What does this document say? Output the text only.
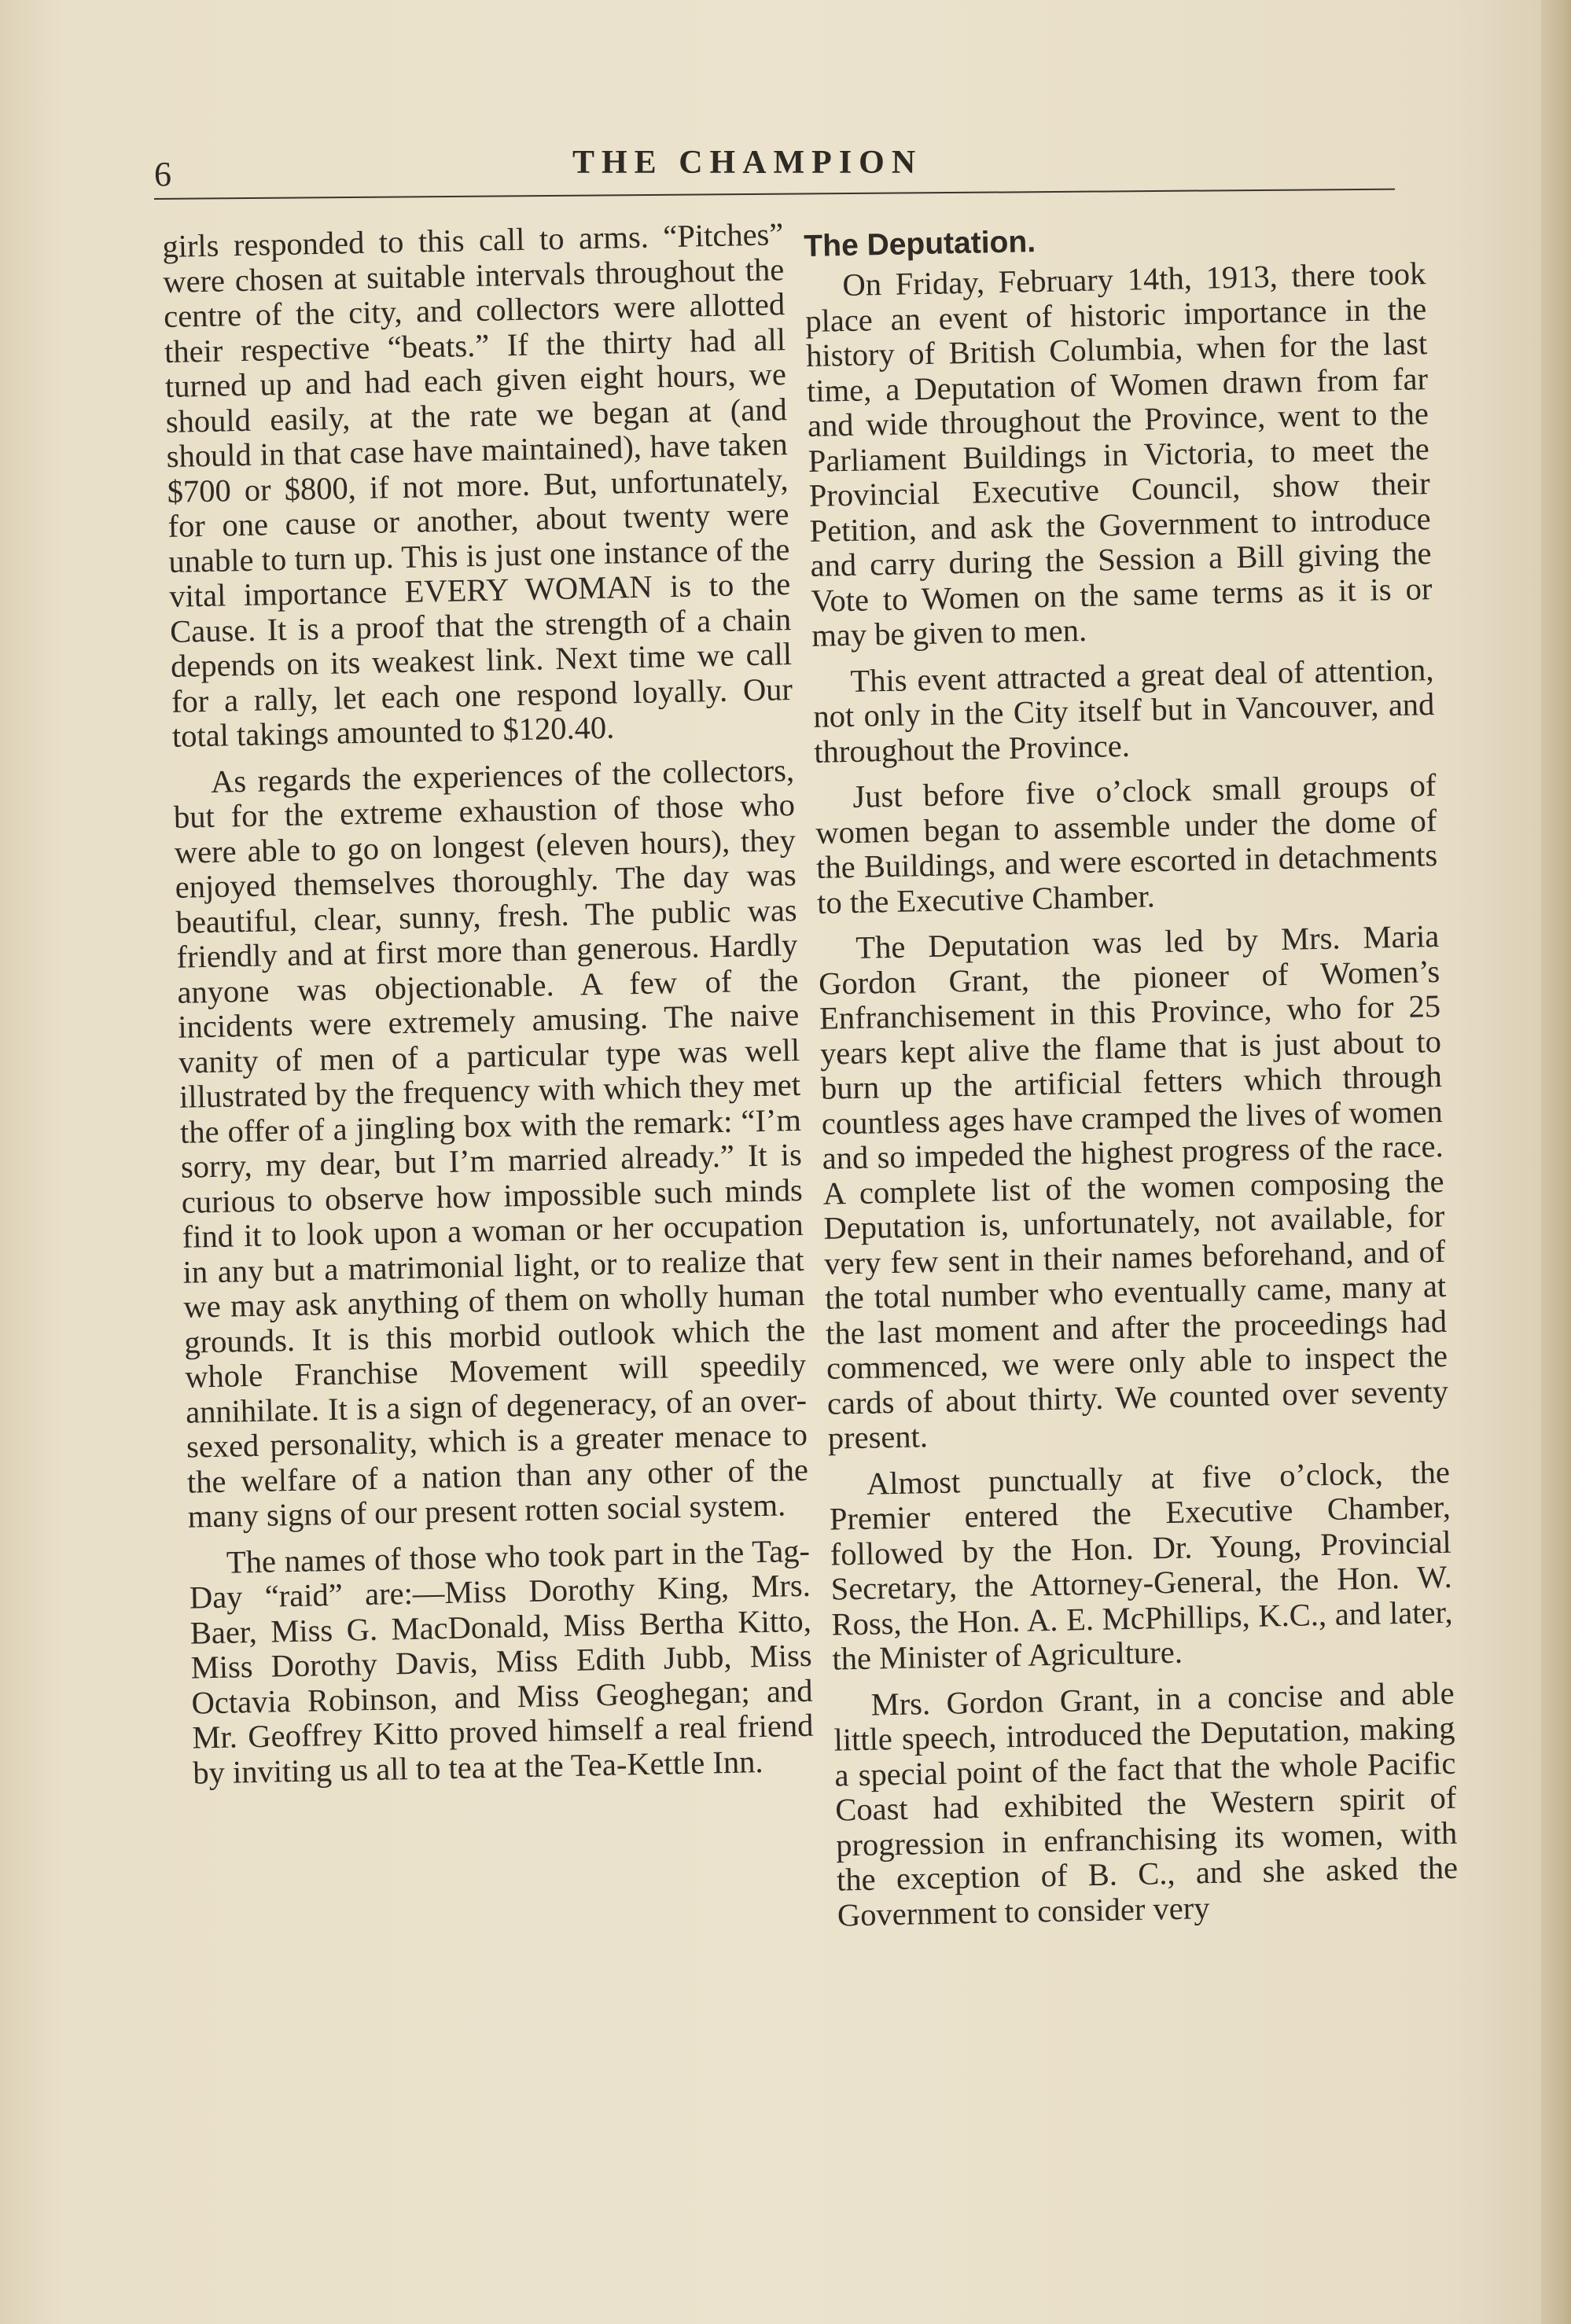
6	THE CHAMPION

girls responded to this call to arms. “Pitches” were chosen at suitable intervals throughout the centre of the city, and collectors were allotted their respective “beats.” If the thirty had all turned up and had each given eight hours, we should easily, at the rate we began at (and should in that case have maintained), have taken $700 or $800, if not more. But, unfortunately, for one cause or another, about twenty were unable to turn up. This is just one instance of the vital importance EVERY WOMAN is to the Cause. It is a proof that the strength of a chain depends on its weakest link. Next time we call for a rally, let each one respond loyally. Our total takings amounted to $120.40.

As regards the experiences of the collectors, but for the extreme exhaustion of those who were able to go on longest (eleven hours), they enjoyed themselves thoroughly. The day was beautiful, clear, sunny, fresh. The public was friendly and at first more than generous. Hardly anyone was objectionable. A few of the incidents were extremely amusing. The naive vanity of men of a particular type was well illustrated by the frequency with which they met the offer of a jingling box with the remark: “I’m sorry, my dear, but I’m married already.” It is curious to observe how impossible such minds find it to look upon a woman or her occupation in any but a matrimonial light, or to realize that we may ask anything of them on wholly human grounds. It is this morbid outlook which the whole Franchise Movement will speedily annihilate. It is a sign of degeneracy, of an over-sexed personality, which is a greater menace to the welfare of a nation than any other of the many signs of our present rotten social system.

The names of those who took part in the Tag-Day “raid” are:—Miss Dorothy King, Mrs. Baer, Miss G. MacDonald, Miss Bertha Kitto, Miss Dorothy Davis, Miss Edith Jubb, Miss Octavia Robinson, and Miss Geoghegan; and Mr. Geoffrey Kitto proved himself a real friend by inviting us all to tea at the Tea-Kettle Inn.

The Deputation.

On Friday, February 14th, 1913, there took place an event of historic importance in the history of British Columbia, when for the last time, a Deputation of Women drawn from far and wide throughout the Province, went to the Parliament Buildings in Victoria, to meet the Provincial Executive Council, show their Petition, and ask the Government to introduce and carry during the Session a Bill giving the Vote to Women on the same terms as it is or may be given to men.

This event attracted a great deal of attention, not only in the City itself but in Vancouver, and throughout the Province.

Just before five o’clock small groups of women began to assemble under the dome of the Buildings, and were escorted in detachments to the Executive Chamber.

The Deputation was led by Mrs. Maria Gordon Grant, the pioneer of Women’s Enfranchisement in this Province, who for 25 years kept alive the flame that is just about to burn up the artificial fetters which through countless ages have cramped the lives of women and so impeded the highest progress of the race. A complete list of the women composing the Deputation is, unfortunately, not available, for very few sent in their names beforehand, and of the total number who eventually came, many at the last moment and after the proceedings had commenced, we were only able to inspect the cards of about thirty. We counted over seventy present.

Almost punctually at five o’clock, the Premier entered the Executive Chamber, followed by the Hon. Dr. Young, Provincial Secretary, the Attorney-General, the Hon. W. Ross, the Hon. A. E. McPhillips, K.C., and later, the Minister of Agriculture.

Mrs. Gordon Grant, in a concise and able little speech, introduced the Deputation, making a special point of the fact that the whole Pacific Coast had exhibited the Western spirit of progression in enfranchising its women, with the exception of B. C., and she asked the Government to consider very
